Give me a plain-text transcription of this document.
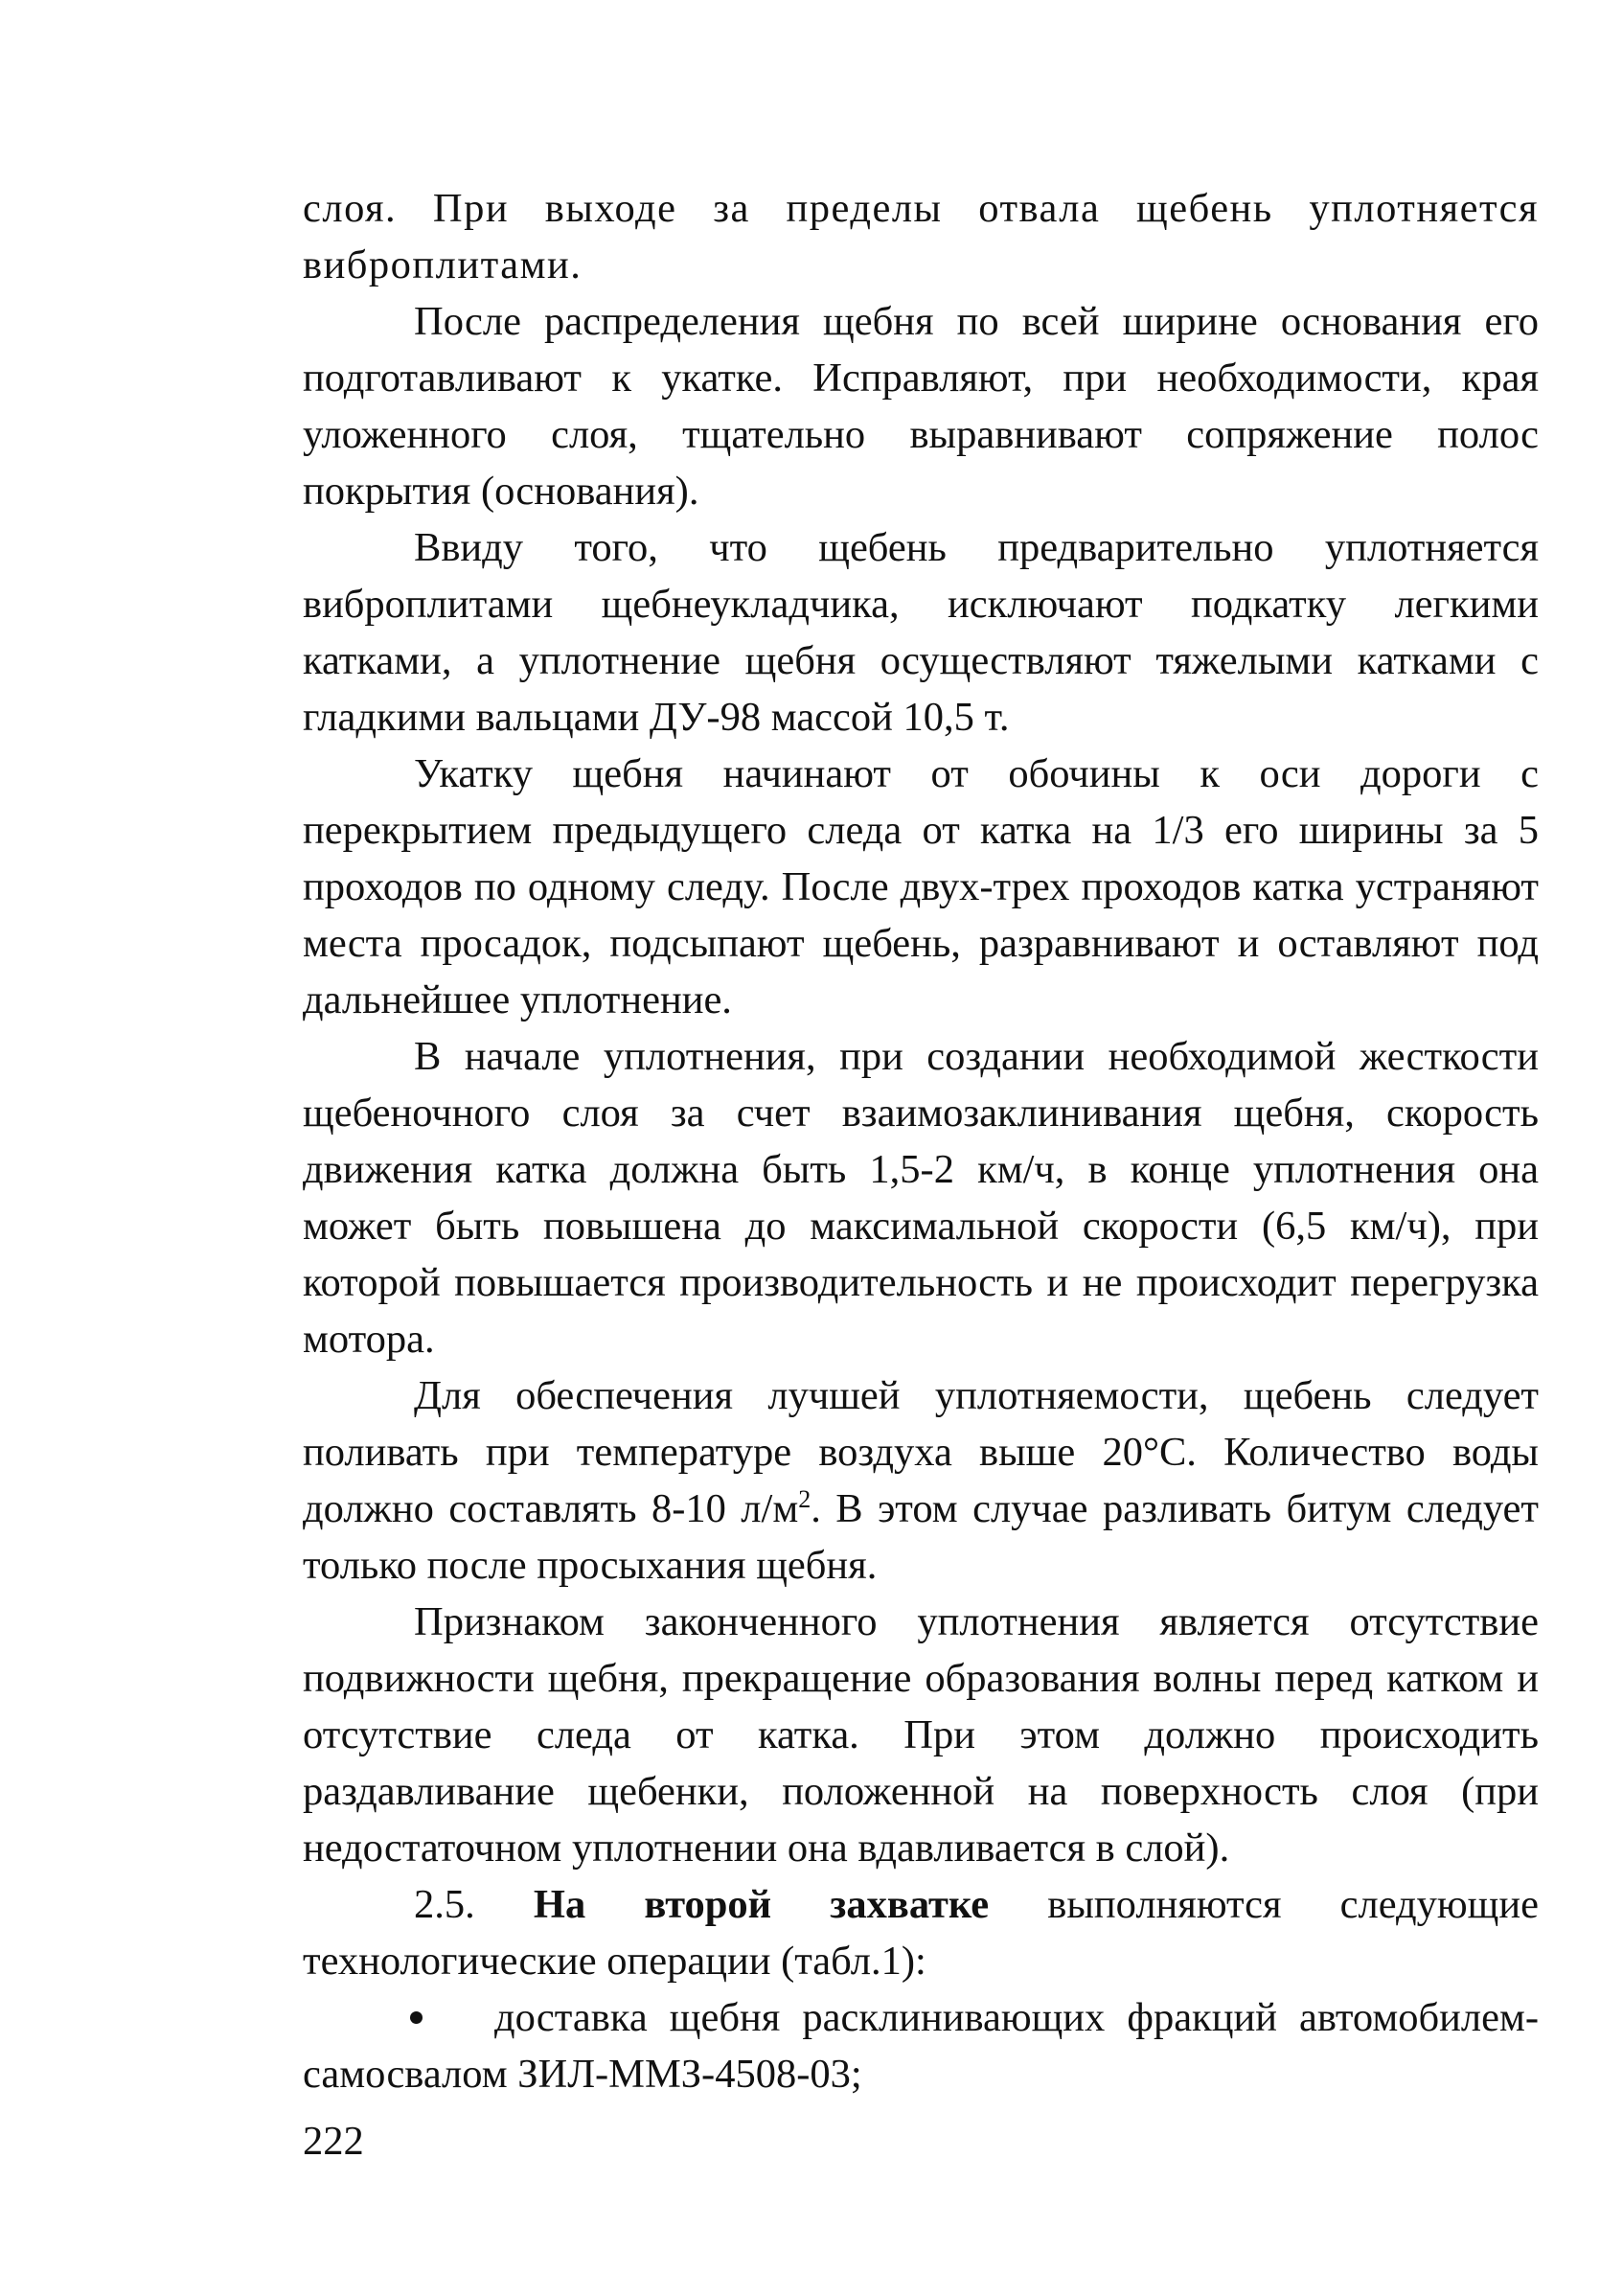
слоя. При выходе за пределы отвала щебень уплотняется виброплитами.

После распределения щебня по всей ширине основания его подготавливают к укатке. Исправляют, при необходимости, края уложенного слоя, тщательно выравнивают сопряжение полос покрытия (основания).

Ввиду того, что щебень предварительно уплотняется виброплитами щебнеукладчика, исключают подкатку легкими катками, а уплотнение щебня осуществляют тяжелыми катками с гладкими вальцами ДУ-98 массой 10,5 т.

Укатку щебня начинают от обочины к оси дороги с перекрытием предыдущего следа от катка на 1/3 его ширины за 5 проходов по одному следу. После двух-трех проходов катка устраняют места просадок, подсыпают щебень, разравнивают и оставляют под дальнейшее уплотнение.

В начале уплотнения, при создании необходимой жесткости щебеночного слоя за счет взаимозаклинивания щебня, скорость движения катка должна быть 1,5-2 км/ч, в конце уплотнения она может быть повышена до максимальной скорости (6,5 км/ч), при которой повышается производительность и не происходит перегрузка мотора.

Для обеспечения лучшей уплотняемости, щебень следует поливать при температуре воздуха выше 20°С. Количество воды должно составлять 8-10 $л/м^2$. В этом случае разливать битум следует только после просыхания щебня.

Признаком законченного уплотнения является отсутствие подвижности щебня, прекращение образования волны перед катком и отсутствие следа от катка. При этом должно происходить раздавливание щебенки, положенной на поверхность слоя (при недостаточном уплотнении она вдавливается в слой).

2.5. На второй захватке выполняются следующие технологические операции (табл.1):

доставка щебня расклинивающих фракций автомобилем-самосвалом ЗИЛ-ММЗ-4508-03;

222
